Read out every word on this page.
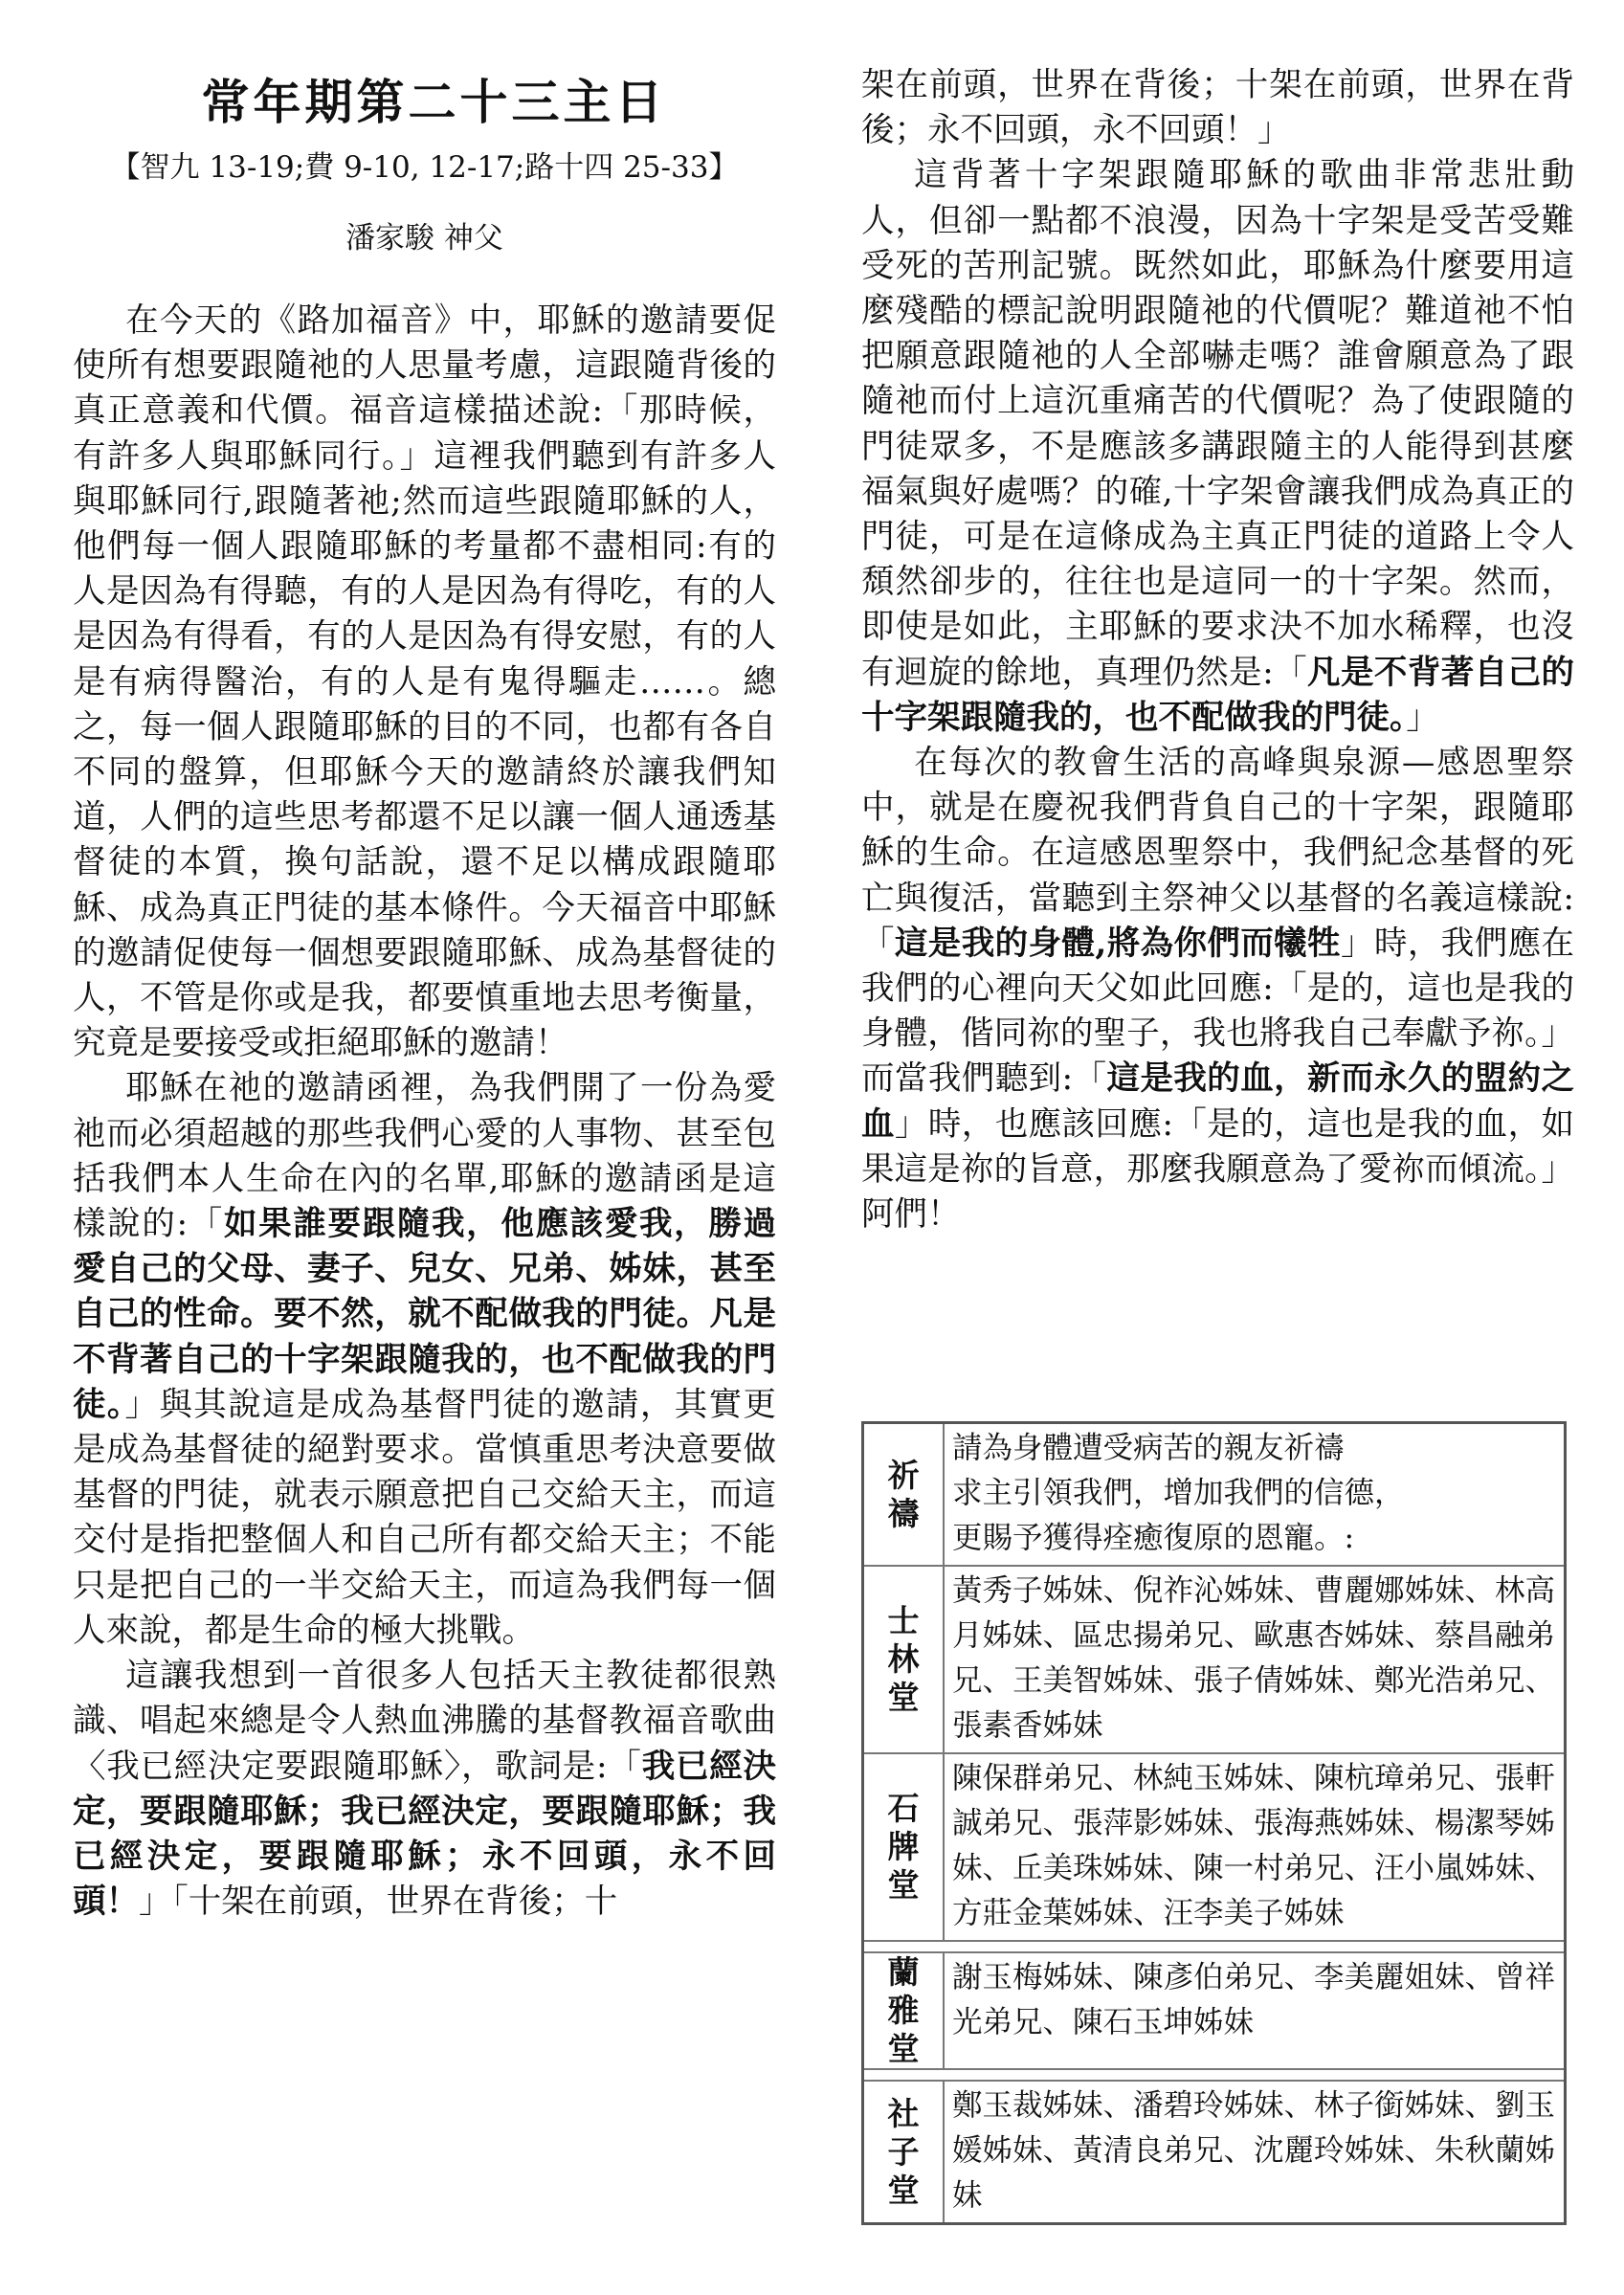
常年期第二十三主日
【智九 13-19;費 9-10, 12-17;路十四 25-33】
潘家駿 神父

在今天的《路加福音》中，耶穌的邀請要促使所有想要跟隨祂的人思量考慮，這跟隨背後的真正意義和代價。福音這樣描述說:「那時候，有許多人與耶穌同行。」這裡我們聽到有許多人與耶穌同行,跟隨著祂;然而這些跟隨耶穌的人，他們每一個人跟隨耶穌的考量都不盡相同:有的人是因為有得聽，有的人是因為有得吃，有的人是因為有得看，有的人是因為有得安慰，有的人是有病得醫治，有的人是有鬼得驅走……。總之，每一個人跟隨耶穌的目的不同，也都有各自不同的盤算，但耶穌今天的邀請終於讓我們知道，人們的這些思考都還不足以讓一個人通透基督徒的本質，換句話說，還不足以構成跟隨耶穌、成為真正門徒的基本條件。今天福音中耶穌的邀請促使每一個想要跟隨耶穌、成為基督徒的人，不管是你或是我，都要慎重地去思考衡量，究竟是要接受或拒絕耶穌的邀請！

耶穌在祂的邀請函裡，為我們開了一份為愛祂而必須超越的那些我們心愛的人事物、甚至包括我們本人生命在內的名單,耶穌的邀請函是這樣說的:「如果誰要跟隨我，他應該愛我，勝過愛自己的父母、妻子、兒女、兄弟、姊妹，甚至自己的性命。要不然，就不配做我的門徒。凡是不背著自己的十字架跟隨我的，也不配做我的門徒。」與其說這是成為基督門徒的邀請，其實更是成為基督徒的絕對要求。當慎重思考決意要做基督的門徒，就表示願意把自己交給天主，而這交付是指把整個人和自己所有都交給天主；不能只是把自己的一半交給天主，而這為我們每一個人來說，都是生命的極大挑戰。

這讓我想到一首很多人包括天主教徒都很熟識、唱起來總是令人熱血沸騰的基督教福音歌曲〈我已經決定要跟隨耶穌〉，歌詞是:「我已經決定，要跟隨耶穌；我已經決定，要跟隨耶穌；我已經決定，要跟隨耶穌；永不回頭，永不回頭！」「十架在前頭，世界在背後；十

架在前頭，世界在背後；十架在前頭，世界在背後；永不回頭，永不回頭！」

這背著十字架跟隨耶穌的歌曲非常悲壯動人，但卻一點都不浪漫，因為十字架是受苦受難受死的苦刑記號。既然如此，耶穌為什麼要用這麼殘酷的標記說明跟隨祂的代價呢？難道祂不怕把願意跟隨祂的人全部嚇走嗎？誰會願意為了跟隨祂而付上這沉重痛苦的代價呢？為了使跟隨的門徒眾多，不是應該多講跟隨主的人能得到甚麼福氣與好處嗎？的確,十字架會讓我們成為真正的門徒，可是在這條成為主真正門徒的道路上令人頹然卻步的，往往也是這同一的十字架。然而，即使是如此，主耶穌的要求決不加水稀釋，也沒有迴旋的餘地，真理仍然是:「凡是不背著自己的十字架跟隨我的，也不配做我的門徒。」

在每次的教會生活的高峰與泉源—感恩聖祭中，就是在慶祝我們背負自己的十字架，跟隨耶穌的生命。在這感恩聖祭中，我們紀念基督的死亡與復活，當聽到主祭神父以基督的名義這樣說:「這是我的身體,將為你們而犧牲」時，我們應在我們的心裡向天父如此回應:「是的，這也是我的身體，偕同祢的聖子，我也將我自己奉獻予祢。」而當我們聽到:「這是我的血，新而永久的盟約之血」時，也應該回應:「是的，這也是我的血，如果這是祢的旨意，那麼我願意為了愛祢而傾流。」阿們！

祈禱	請為身體遭受病苦的親友祈禱
求主引領我們，增加我們的信德，
更賜予獲得痊癒復原的恩寵。:
士林堂	黃秀子姊妹、倪祚沁姊妹、曹麗娜姊妹、林高月姊妹、區忠揚弟兄、歐惠杏姊妹、蔡昌融弟兄、王美智姊妹、張子倩姊妹、鄭光浩弟兄、張素香姊妹
石牌堂	陳保群弟兄、林純玉姊妹、陳杭璋弟兄、張軒誠弟兄、張萍影姊妹、張海燕姊妹、楊潔琴姊妹、丘美珠姊妹、陳一村弟兄、汪小嵐姊妹、方莊金葉姊妹、汪李美子姊妹

蘭雅堂	謝玉梅姊妹、陳彥伯弟兄、李美麗姐妹、曾祥光弟兄、陳石玉坤姊妹

社子堂	鄭玉裁姊妹、潘碧玲姊妹、林子銜姊妹、劉玉媛姊妹、黃清良弟兄、沈麗玲姊妹、朱秋蘭姊妹
